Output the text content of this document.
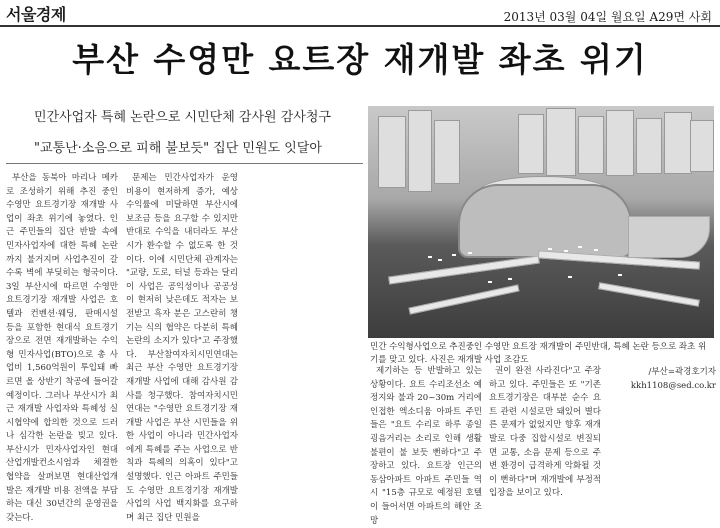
서울경제	2013년 03월 04일 월요일 A29면 사회
부산 수영만 요트장 재개발 좌초 위기
민간사업자 특혜 논란으로 시민단체 감사원 감사청구
"교통난·소음으로 피해 불보듯" 집단 민원도 잇달아
민간 수익형사업으로 추진중인 수영만 요트장 재개발이 주민반대, 특혜 논란 등으로 좌초 위기를 맞고 있다. 사진은 재개발 사업 조감도

부산을 동북아 마리나 메카로 조성하기 위해 추진 중인 수영만 요트경기장 재개발 사업이 좌초 위기에 놓였다. 인근 주민들의 집단 반발 속에 민자사업자에 대한 특혜 논란까지 불거지며 사업추진이 갈수록 벽에 부딪히는 형국이다. 3일 부산시에 따르면 수영만 요트경기장 재개발 사업은 호텔과 컨벤션·웨딩, 판매시설 등을 포함한 현대식 요트경기장으로 전면 재개발하는 수익형 민자사업(BTO)으로 총 사업비 1,560억원이 투입돼 빠르면 올 상반기 착공에 들어갈 예정이다. 그러나 부산시가 최근 재개발 사업자와 특혜성 실시협약에 합의한 것으로 드러나 심각한 논란을 빚고 있다. 부산시가 민자사업자인 현대산업개발컨소시엄과 체결한 협약을 살펴보면 현대산업개발은 재개발 비용 전액을 부담하는 대신 30년간의 운영권을 갖는다.

문제는 민간사업자가 운영 비용이 현저하게 증가, 예상 수익률에 미달하면 부산시에 보조금 등을 요구할 수 있지만 반대로 수익을 내더라도 부산시가 환수할 수 없도록 한 것이다. 이에 시민단체 관계자는 "교량, 도로, 터널 등과는 달리 이 사업은 공익성이나 공공성이 현저히 낮은데도 적자는 보전받고 흑자 분은 고스란히 챙기는 식의 협약은 다분히 특혜 논란의 소지가 있다"고 주장했다. 부산참여자치시민연대는 최근 부산 수영만 요트경기장 재개발 사업에 대해 감사원 감사를 청구했다. 참여자치시민연대는 "수영만 요트경기장 재개발 사업은 부산 시민들을 위한 사업이 아니라 민간사업자에게 특혜를 주는 사업으로 반칙과 특혜의 의혹이 있다"고 설명했다. 인근 아파트 주민들도 수영만 요트경기장 재개발 사업의 사업 백지화를 요구하며 최근 집단 민원을

제기하는 등 반발하고 있는 상황이다. 요트 수리조선소 예정지와 불과 20~30m 거리에 인접한 엑소디움 아파트 주민들은 "요트 수리로 하루 종일 굉음거리는 소리로 인해 생활 불편이 불 보듯 뻔하다"고 주장하고 있다. 요트장 인근의 동삼아파트 아파트 주민들 역시 "15층 규모로 예정된 호텔이 들어서면 아파트의 해안 조망

권이 완전 사라진다"고 주장하고 있다. 주민들은 또 "기존 요트경기장은 대부분 순수 요트 관련 시설로만 돼있어 별다른 문제가 없었지만 향후 재개발로 다중 집합시설로 변질되면 교통, 소음 문제 등으로 주변 환경이 급격하게 악화될 것이 뻔하다"며 재개발에 부정적 입장을 보이고 있다.

/부산=곽경호기자 kkh1108@sed.co.kr
